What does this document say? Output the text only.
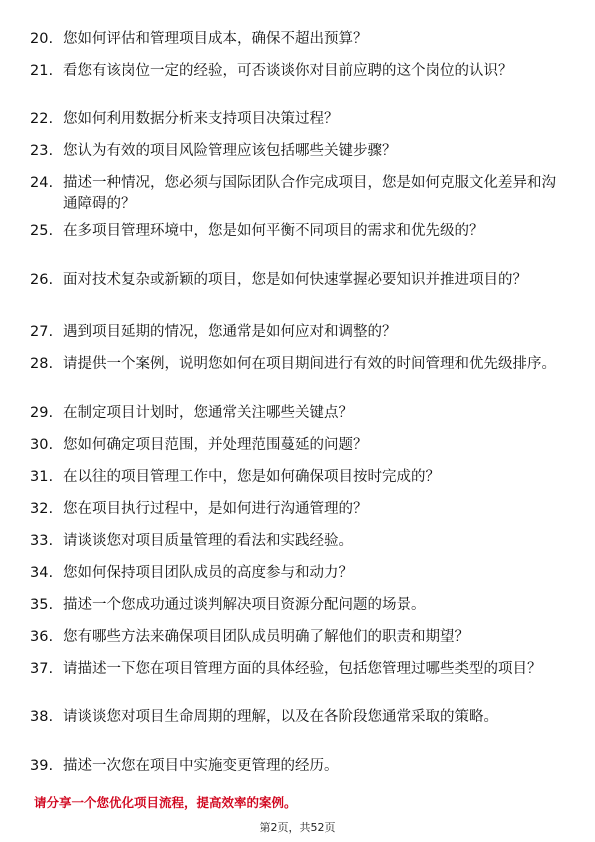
20. 您如何评估和管理项目成本，确保不超出预算？
21. 看您有该岗位一定的经验，可否谈谈你对目前应聘的这个岗位的认识？
22. 您如何利用数据分析来支持项目决策过程？
23. 您认为有效的项目风险管理应该包括哪些关键步骤？
24. 描述一种情况，您必须与国际团队合作完成项目，您是如何克服文化差异和沟通障碍的？
25. 在多项目管理环境中，您是如何平衡不同项目的需求和优先级的？
26. 面对技术复杂或新颖的项目，您是如何快速掌握必要知识并推进项目的？
27. 遇到项目延期的情况，您通常是如何应对和调整的？
28. 请提供一个案例，说明您如何在项目期间进行有效的时间管理和优先级排序。
29. 在制定项目计划时，您通常关注哪些关键点？
30. 您如何确定项目范围，并处理范围蔓延的问题？
31. 在以往的项目管理工作中，您是如何确保项目按时完成的？
32. 您在项目执行过程中，是如何进行沟通管理的？
33. 请谈谈您对项目质量管理的看法和实践经验。
34. 您如何保持项目团队成员的高度参与和动力？
35. 描述一个您成功通过谈判解决项目资源分配问题的场景。
36. 您有哪些方法来确保项目团队成员明确了解他们的职责和期望？
37. 请描述一下您在项目管理方面的具体经验，包括您管理过哪些类型的项目？
38. 请谈谈您对项目生命周期的理解，以及在各阶段您通常采取的策略。
39. 描述一次您在项目中实施变更管理的经历。
请分享一个您优化项目流程，提高效率的案例。
第2页，共52页
